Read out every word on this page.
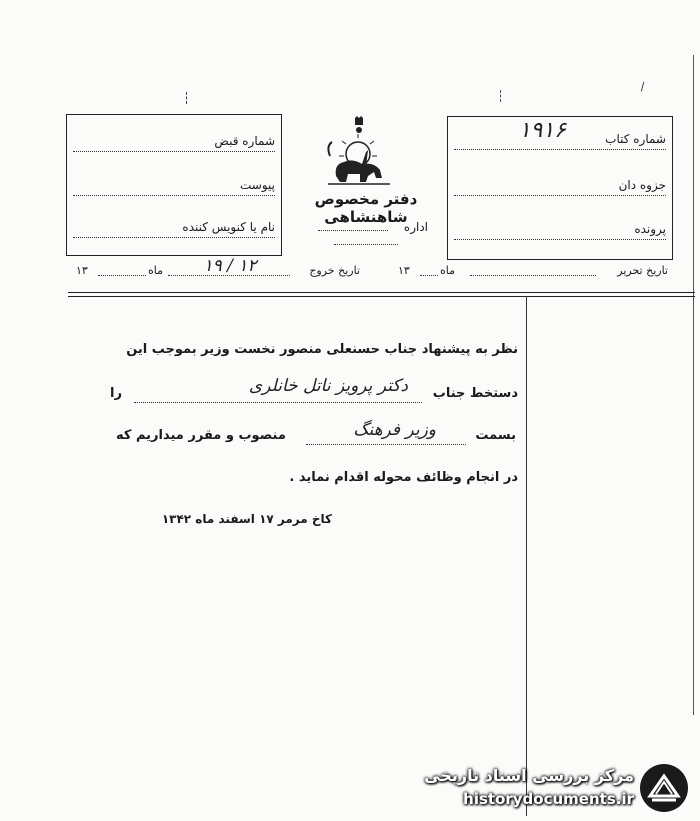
شماره کتاب
۱۹۱۶
جزوه دان
پرونده
شماره قبض
پیوست
نام یا کنویس کننده
دفتر مخصوص شاهنشاهی
اداره
تاریخ تحریر
ماه
۱۳
تاریخ خروج
۱۹ / ۱۲
ماه
۱۳
نظر به پیشنهاد جناب حسنعلی منصور نخست وزیر بموجب این
دستخط جناب
دکتر پرویز ناتل خانلری
را
بسمت
وزیر فرهنگ
منصوب و مقرر میداریم که
در انجام وظائف محوله اقدام نماید .
کاخ مرمر ۱۷ اسفند ماه ۱۳۴۲
مرکز بررسی اسناد تاریخی
historydocuments.ir
